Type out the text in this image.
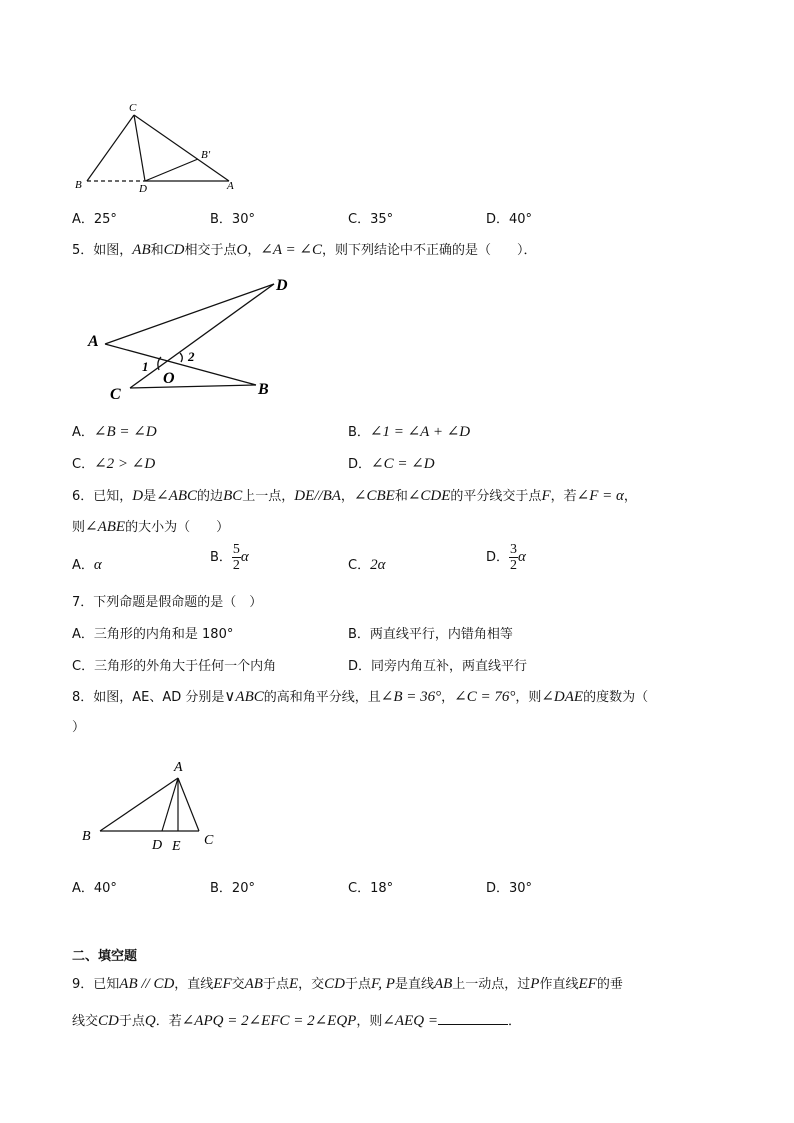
C
B′
B	D	A
A．25°	B．30°	C．35°	D．40°
5．如图，AB和CD相交于点O，∠A = ∠C，则下列结论中不正确的是（　　）．
A
D
C	B
O
1
2
A．∠B = ∠D	B．∠1 = ∠A + ∠D
C．∠2 > ∠D	D．∠C = ∠D
6．已知，D是∠ABC的边BC上一点，DE//BA，∠CBE和∠CDE的平分线交于点F，若∠F = α，
则∠ABE的大小为（　　）
A．α	B． $\frac{5}{2}$ α
C．2α	D． $\frac{3}{2}$ α
7．下列命题是假命题的是（　）
A．三角形的内角和是 180°	B．两直线平行，内错角相等
C．三角形的外角大于任何一个内角	D．同旁内角互补，两直线平行
8．如图，AE、AD 分别是∨ABC的高和角平分线，且∠B = 36°，∠C = 76°，则∠DAE的度数为（
）
A
B
D E C
A．40°	B．20°	C．18°	D．30°
二、填空题
9．已知AB // CD，直线EF交AB于点E，交CD于点F, P是直线AB上一动点，过P作直线EF的垂
线交CD于点Q．若∠APQ = 2∠EFC = 2∠EQP，则∠AEQ =	．
